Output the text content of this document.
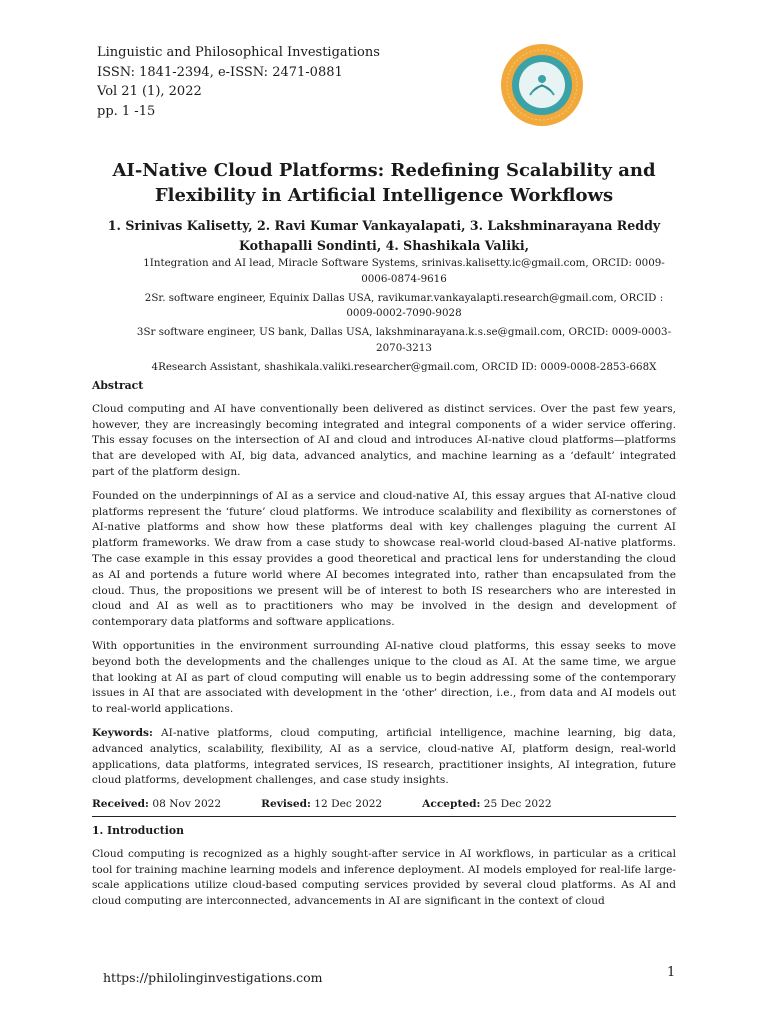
Linguistic and Philosophical Investigations
ISSN: 1841-2394, e-ISSN: 2471-0881
Vol 21 (1), 2022
pp. 1 -15
AI-Native Cloud Platforms: Redefining Scalability and Flexibility in Artificial Intelligence Workflows
1. Srinivas Kalisetty, 2. Ravi Kumar Vankayalapati, 3. Lakshminarayana Reddy Kothapalli Sondinti, 4. Shashikala Valiki,
1Integration and AI lead, Miracle Software Systems, srinivas.kalisetty.ic@gmail.com, ORCID: 0009-0006-0874-9616
2Sr. software engineer, Equinix Dallas USA, ravikumar.vankayalapti.research@gmail.com, ORCID : 0009-0002-7090-9028
3Sr software engineer, US bank, Dallas USA, lakshminarayana.k.s.se@gmail.com, ORCID: 0009-0003-2070-3213
4Research Assistant, shashikala.valiki.researcher@gmail.com, ORCID ID: 0009-0008-2853-668X
Abstract

Cloud computing and AI have conventionally been delivered as distinct services. Over the past few years, however, they are increasingly becoming integrated and integral components of a wider service offering. This essay focuses on the intersection of AI and cloud and introduces AI-native cloud platforms—platforms that are developed with AI, big data, advanced analytics, and machine learning as a ‘default’ integrated part of the platform design.

Founded on the underpinnings of AI as a service and cloud-native AI, this essay argues that AI-native cloud platforms represent the ‘future’ cloud platforms. We introduce scalability and flexibility as cornerstones of AI-native platforms and show how these platforms deal with key challenges plaguing the current AI platform frameworks. We draw from a case study to showcase real-world cloud-based AI-native platforms. The case example in this essay provides a good theoretical and practical lens for understanding the cloud as AI and portends a future world where AI becomes integrated into, rather than encapsulated from the cloud. Thus, the propositions we present will be of interest to both IS researchers who are interested in cloud and AI as well as to practitioners who may be involved in the design and development of contemporary data platforms and software applications.

With opportunities in the environment surrounding AI-native cloud platforms, this essay seeks to move beyond both the developments and the challenges unique to the cloud as AI. At the same time, we argue that looking at AI as part of cloud computing will enable us to begin addressing some of the contemporary issues in AI that are associated with development in the ‘other’ direction, i.e., from data and AI models out to real-world applications.

Keywords: AI-native platforms, cloud computing, artificial intelligence, machine learning, big data, advanced analytics, scalability, flexibility, AI as a service, cloud-native AI, platform design, real-world applications, data platforms, integrated services, IS research, practitioner insights, AI integration, future cloud platforms, development challenges, and case study insights.

Received: 08 Nov 2022	Revised: 12 Dec 2022	Accepted: 25 Dec 2022
1. Introduction

Cloud computing is recognized as a highly sought-after service in AI workflows, in particular as a critical tool for training machine learning models and inference deployment. AI models employed for real-life large-scale applications utilize cloud-based computing services provided by several cloud platforms. As AI and cloud computing are interconnected, advancements in AI are significant in the context of cloud

https://philolinginvestigations.com	1
